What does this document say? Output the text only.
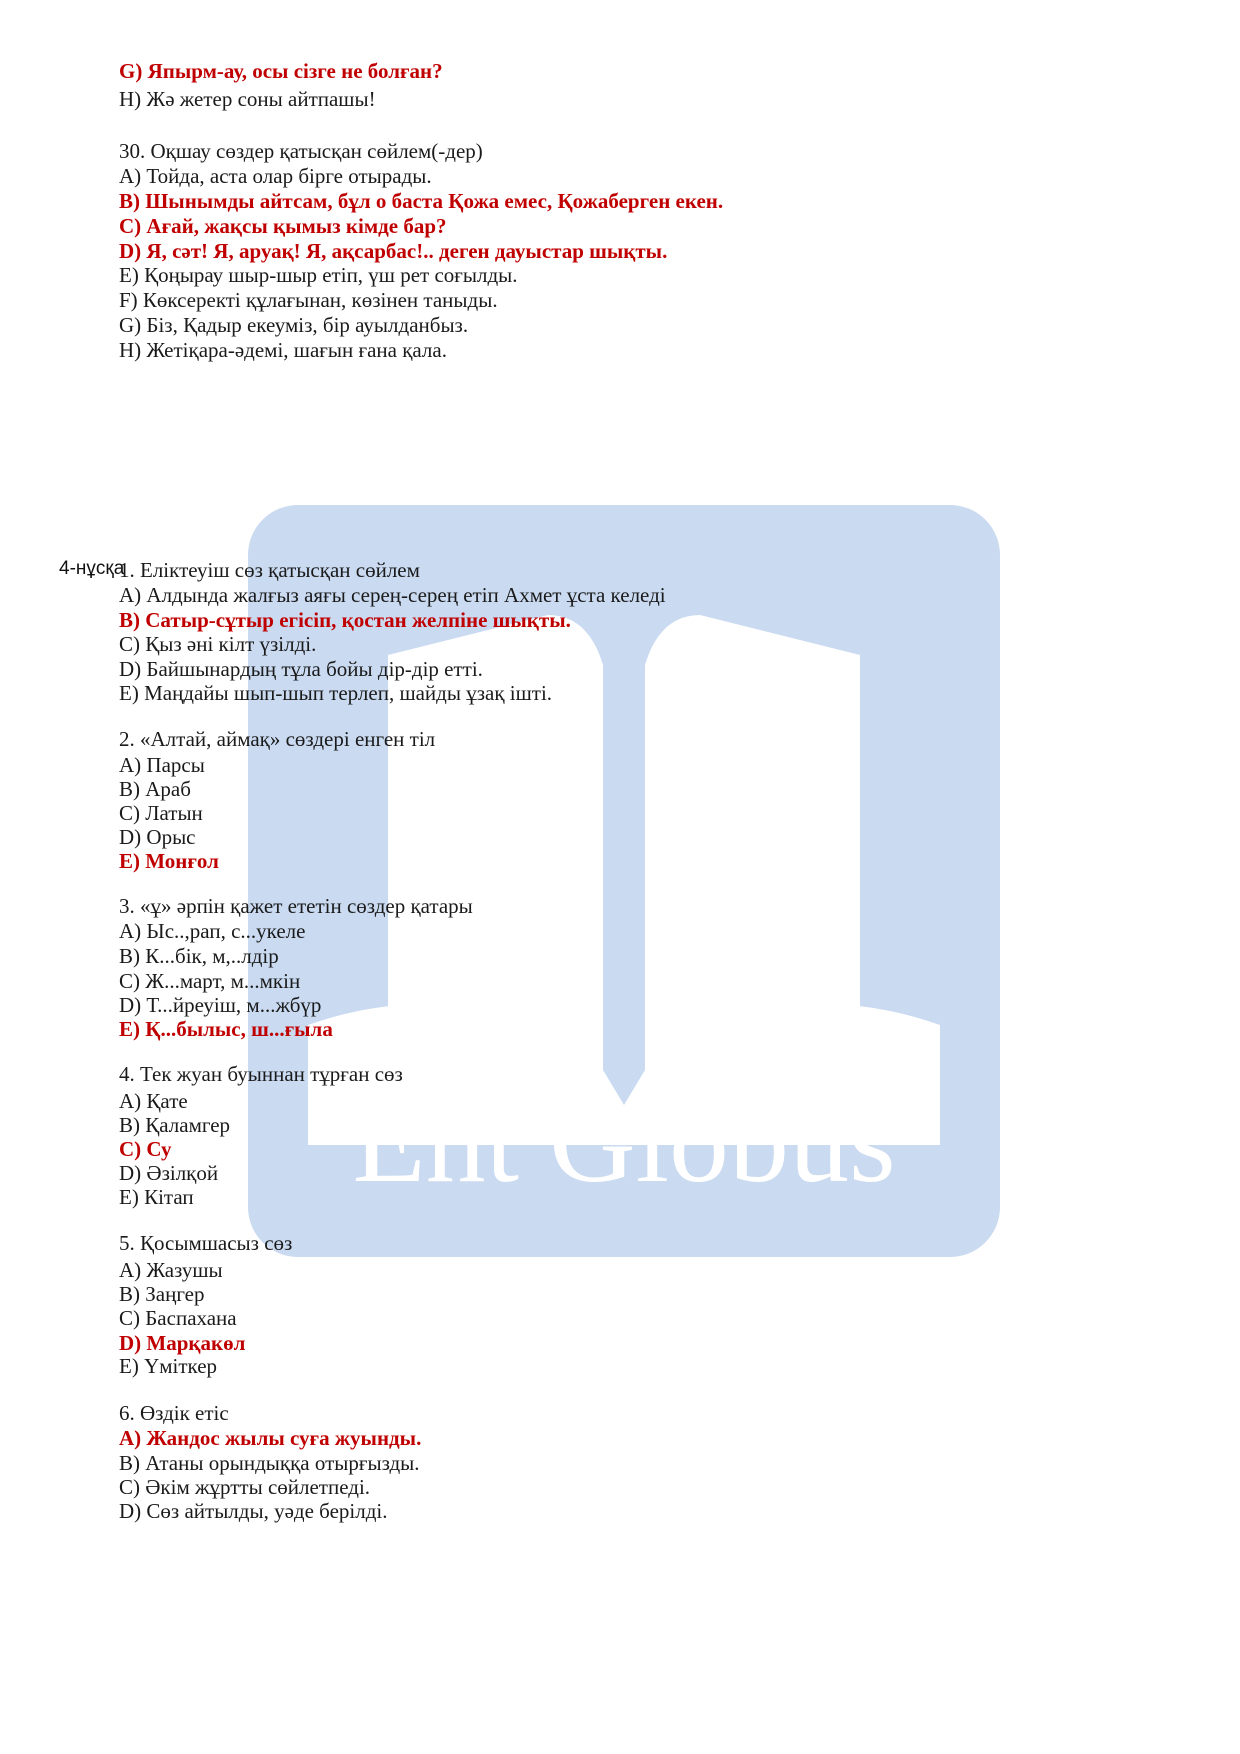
Ent Globus
4-нұсқа
G) Япырм-ау, осы сізге не болған?
H) Жә жетер соны айтпашы!
30. Оқшау сөздер қатысқан сөйлем(-дер)
A) Тойда, аста олар бірге отырады.
B) Шынымды айтсам, бұл о баста Қожа емес, Қожаберген екен.
C) Ағай, жақсы қымыз кімде бар?
D) Я, сәт! Я, аруақ! Я, ақсарбас!.. деген дауыстар шықты.
E) Қоңырау шыр-шыр етіп, үш рет соғылды.
F) Көксеректі құлағынан, көзінен таныды.
G) Біз, Қадыр екеуміз, бір ауылданбыз.
H) Жетіқара-әдемі, шағын ғана қала.
1. Еліктеуіш сөз қатысқан сөйлем
A) Алдында жалғыз аяғы серең-серең етіп Ахмет ұста келеді
B) Сатыр-сұтыр егісіп, қостан желпіне шықты.
C) Қыз әні кілт үзілді.
D) Байшынардың тұла бойы дір-дір етті.
E) Маңдайы шып-шып терлеп, шайды ұзақ ішті.
2. «Алтай, аймақ» сөздері енген тіл
A) Парсы
B) Араб
C) Латын
D) Орыс
E) Монғол
3. «ұ» әрпін қажет ететін сөздер қатары
A) Ыс..,рап, с...укеле
B) К...бік, м,..лдір
C) Ж...март, м...мкін
D) Т...йреуіш, м...жбүр
E) Қ...былыс, ш...ғыла
4. Тек жуан буыннан тұрған сөз
A) Қате
B) Қаламгер
C) Су
D) Әзілқой
E) Кітап
5. Қосымшасыз сөз
A) Жазушы
B) Заңгер
C) Баспахана
D) Марқакөл
E) Үміткер
6. Өздік етіс
A) Жандос жылы суға жуынды.
B) Атаны орындыққа отырғызды.
C) Әкім жұртты сөйлетпеді.
D) Сөз айтылды, уәде берілді.
